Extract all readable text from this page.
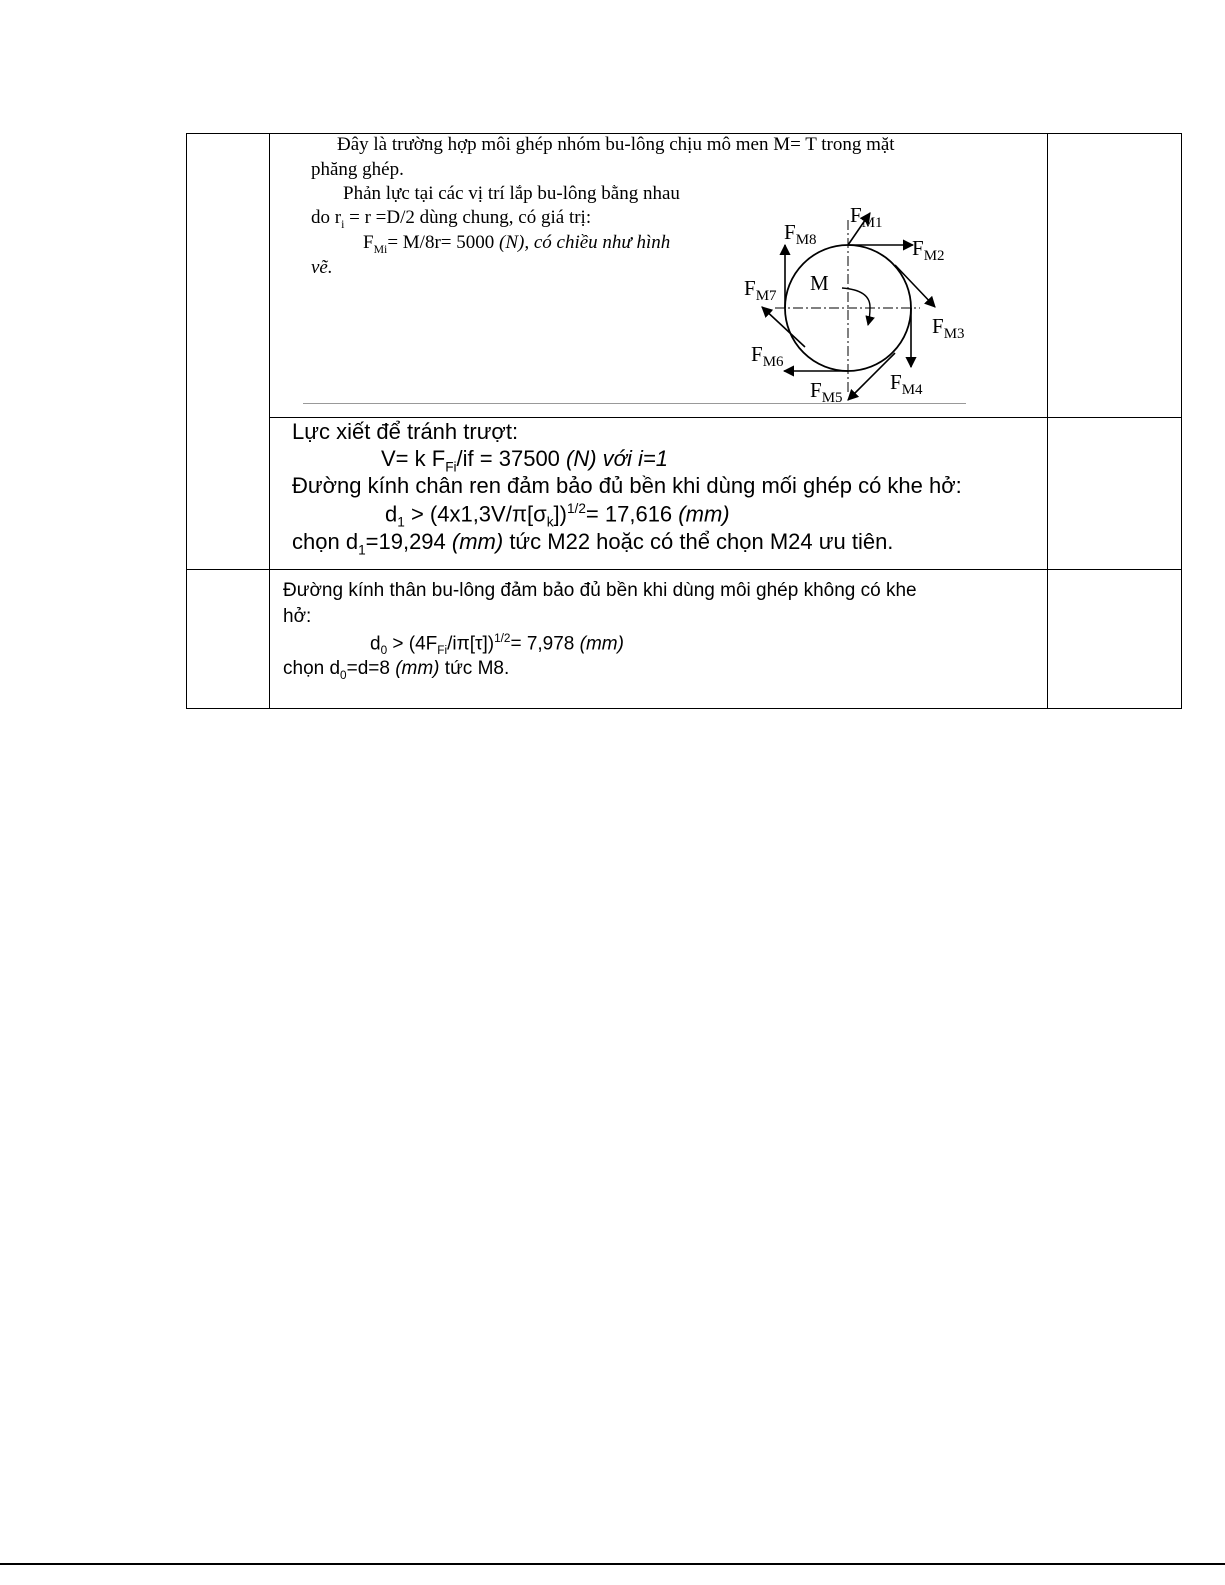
Đây là trường hợp môi ghép nhóm bu-lông chịu mô men M= T trong mặt
phăng ghép.
Phản lực tại các vị trí lắp bu-lông bằng nhau
do $r_i = r =D/2$ dùng chung, có giá trị:
$F_{Mi}= M/8r= 5000$ (N), có chiều như hình
vẽ.
M
$F_{M1}$
$F_{M2}$
$F_{M3}$
$F_{M4}$
$F_{M5}$
$F_{M6}$
$F_{M7}$
$F_{M8}$
Lực xiết để tránh trượt:
V= k $F_{Fi}/if = 37500$ (N) với i=1
Đường kính chân ren đảm bảo đủ bền khi dùng mối ghép có khe hở:
$d_1 > (4x1,3V/\pi[\sigma_k])^{1/2}= 17,616$ (mm)
chọn $d_1=19,294$ (mm) tức M22 hoặc có thể chọn M24 ưu tiên.
Đường kính thân bu-lông đảm bảo đủ bền khi dùng môi ghép không có khe
hở:
$d_0 > (4F_{Fi}/i\pi[\tau])^{1/2}= 7,978$ (mm)
chọn $d_0=d=8$ (mm) tức M8.
